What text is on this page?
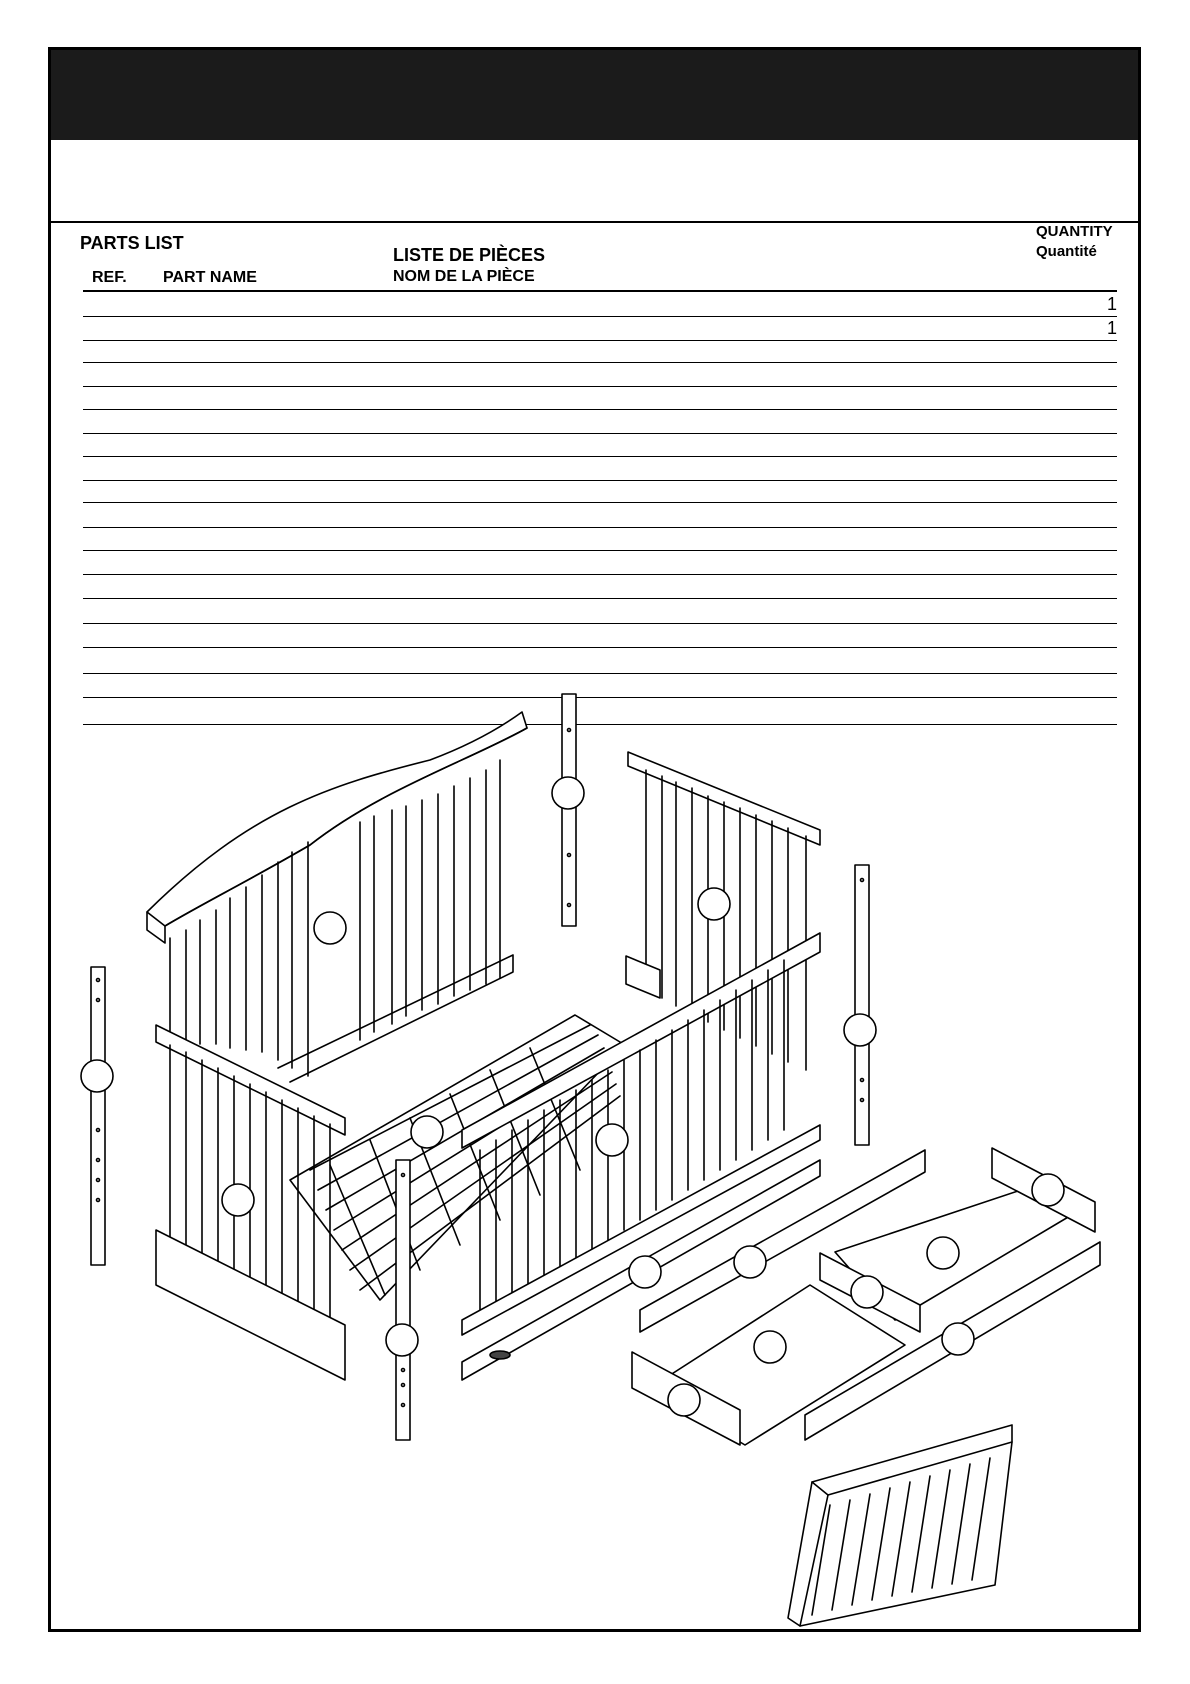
PARTS LIST
LISTE DE PIÈCES
REF. PART NAME	NOM DE LA PIÈCE
QUANTITY
Quantité
1
1
